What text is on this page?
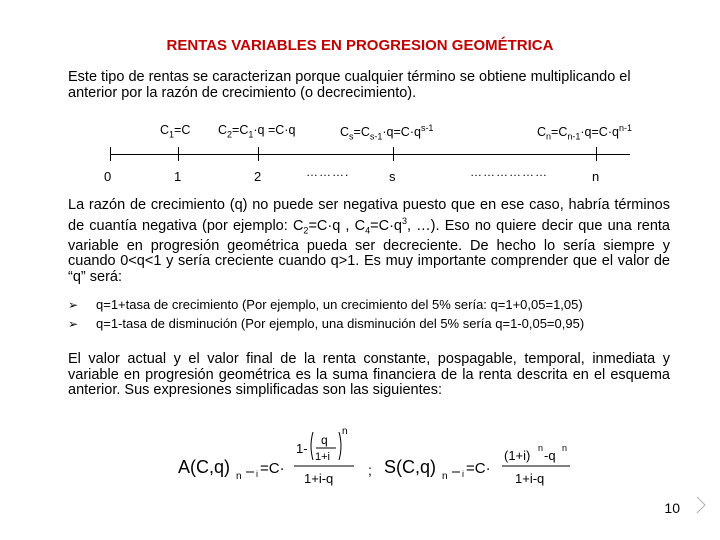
RENTAS VARIABLES EN PROGRESION GEOMÉTRICA
Este tipo de rentas se caracterizan porque cualquier término se obtiene multiplicando el anterior por la razón de crecimiento (o decrecimiento).
$C_1=C$ $C_2=C_1\cdot q =C\cdot q$	$C_s=C_{s-1}\cdot q=C\cdot q^{s-1}$	$C_n=C_{n-1}\cdot q=C\cdot q^{n-1}$
0	1	2	s	n
……….	………………
La razón de crecimiento (q) no puede ser negativa puesto que en ese caso, habría términos de cuantía negativa (por ejemplo: $C_2=C\cdot q$ , $C_4=C\cdot q^3$, …). Eso no quiere decir que una renta variable en progresión geométrica pueda ser decreciente. De hecho lo sería siempre y cuando 0<q<1 y sería creciente cuando q>1. Es muy importante comprender que el valor de “q” será:
➢ q=1+tasa de crecimiento (Por ejemplo, un crecimiento del 5% sería: q=1+0,05=1,05)
➢ q=1-tasa de disminución (Por ejemplo, una disminución del 5% sería q=1-0,05=0,95)
El valor actual y el valor final de la renta constante, pospagable, temporal, inmediata y variable en progresión geométrica es la suma financiera de la renta descrita en el esquema anterior. Sus expresiones simplificadas son las siguientes:
A(C,q) n i =C·
1-
q
1+i
n
1+i-q
; S(C,q) n i =C·
(1+i) n -q n
1+i-q
10
